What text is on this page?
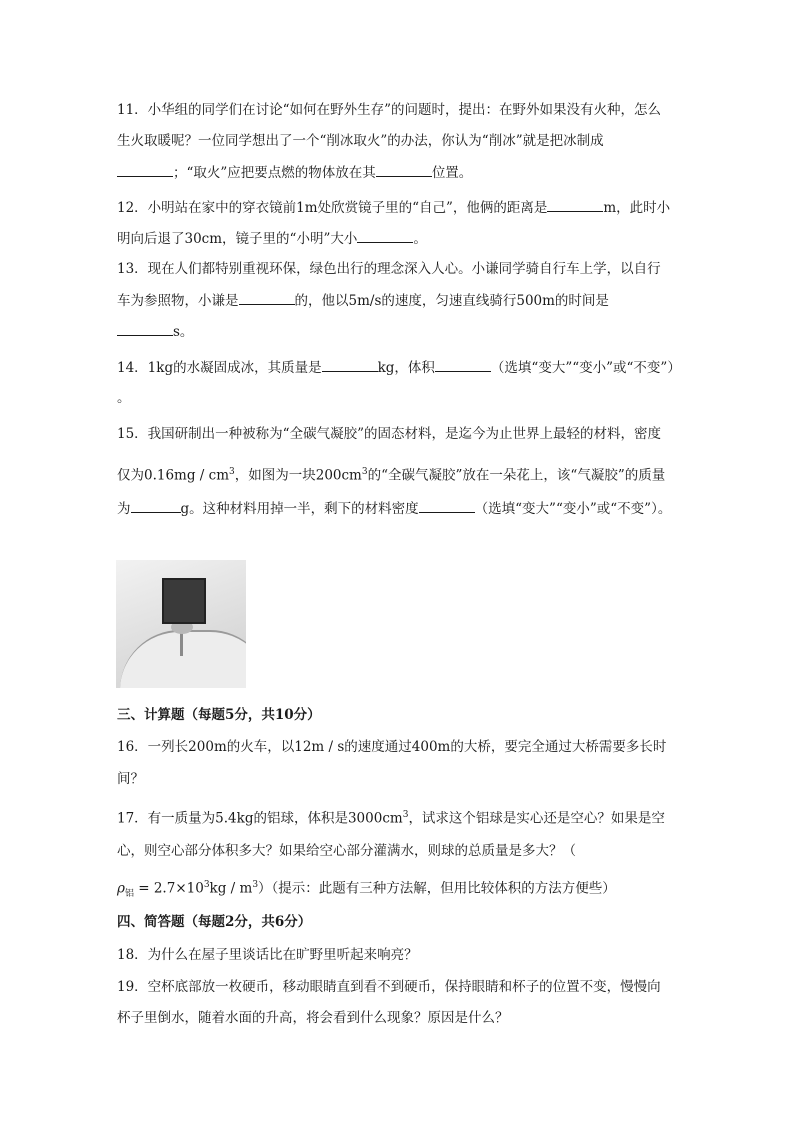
11．小华组的同学们在讨论“如何在野外生存”的问题时，提出：在野外如果没有火种，怎么
生火取暖呢？一位同学想出了一个“削冰取火”的办法，你认为“削冰”就是把冰制成
；“取火”应把要点燃的物体放在其	位置。
12．小明站在家中的穿衣镜前1m处欣赏镜子里的“自己”，他俩的距离是	m，此时小
明向后退了30cm，镜子里的“小明”大小	。
13．现在人们都特别重视环保，绿色出行的理念深入人心。小谦同学骑自行车上学，以自行
车为参照物，小谦是	的，他以5m/s的速度，匀速直线骑行500m的时间是
s。
14．1kg的水凝固成冰，其质量是	kg，体积	（选填“变大”“变小”或“不变”）
。
15．我国研制出一种被称为“全碳气凝胶”的固态材料，是迄今为止世界上最轻的材料，密度
仅为$0.16mg / cm^3$，如图为一块$200cm^3$的“全碳气凝胶”放在一朵花上，该“气凝胶”的质量
为	g。这种材料用掉一半，剩下的材料密度	（选填“变大”“变小”或“不变”）。
三、计算题（每题5分，共10分）
16．一列长200m的火车，以12m / s的速度通过400m的大桥，要完全通过大桥需要多长时
间？
17．有一质量为5.4kg的铝球，体积是$3000cm^3$，试求这个铝球是实心还是空心？如果是空
心，则空心部分体积多大？如果给空心部分灌满水，则球的总质量是多大？（
$\rho_铝 = 2.7\times 10^3kg / m^3$）（提示：此题有三种方法解，但用比较体积的方法方便些）
四、简答题（每题2分，共6分）
18．为什么在屋子里谈话比在旷野里听起来响亮？
19．空杯底部放一枚硬币，移动眼睛直到看不到硬币，保持眼睛和杯子的位置不变，慢慢向
杯子里倒水，随着水面的升高，将会看到什么现象？原因是什么？
